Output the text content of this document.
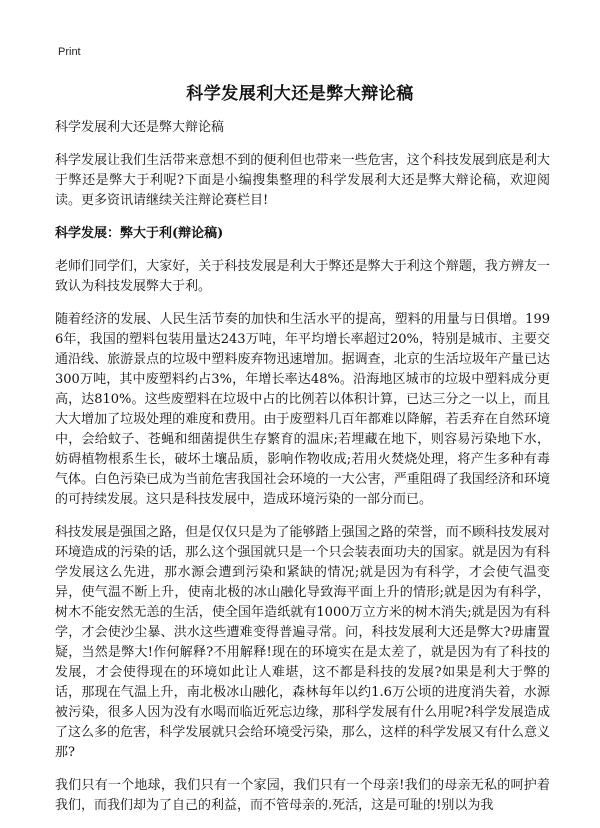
Print
科学发展利大还是弊大辩论稿

科学发展利大还是弊大辩论稿

科学发展让我们生活带来意想不到的便利但也带来一些危害，这个科技发展到底是利大于弊还是弊大于利呢?下面是小编搜集整理的科学发展利大还是弊大辩论稿，欢迎阅读。更多资讯请继续关注辩论赛栏目!

科学发展：弊大于利(辩论稿)

老师们同学们，大家好，关于科技发展是利大于弊还是弊大于利这个辩题，我方辨友一致认为科技发展弊大于利。

随着经济的发展、人民生活节奏的加快和生活水平的提高，塑料的用量与日俱增。1996年，我国的塑料包装用量达243万吨，年平均增长率超过20%，特别是城市、主要交通沿线、旅游景点的垃圾中塑料废弃物迅速增加。据调查，北京的生活垃圾年产量已达300万吨，其中废塑料约占3%，年增长率达48%。沿海地区城市的垃圾中塑料成分更高，达810%。这些废塑料在垃圾中占的比例若以体积计算，已达三分之一以上，而且大大增加了垃圾处理的难度和费用。由于废塑料几百年都难以降解，若丢弃在自然环境中，会给蚊子、苍蝇和细菌提供生存繁育的温床;若埋藏在地下，则容易污染地下水，妨碍植物根系生长，破坏土壤品质，影响作物收成;若用火焚烧处理，将产生多种有毒气体。白色污染已成为当前危害我国社会环境的一大公害，严重阻碍了我国经济和环境的可持续发展。这只是科技发展中，造成环境污染的一部分而已。

科技发展是强国之路，但是仅仅只是为了能够踏上强国之路的荣誉，而不顾科技发展对环境造成的污染的话，那么这个强国就只是一个只会装表面功夫的国家。就是因为有科学发展这么先进，那水源会遭到污染和紧缺的情况;就是因为有科学，才会使气温变异，使气温不断上升，使南北极的冰山融化导致海平面上升的情形;就是因为有科学，树木不能安然无恙的生活，使全国年造纸就有1000万立方米的树木消失;就是因为有科学，才会使沙尘暴、洪水这些遭难变得普遍寻常。问，科技发展利大还是弊大?毋庸置疑，当然是弊大!作何解释?不用解释!现在的环境实在是太差了，就是因为有了科技的发展，才会使得现在的环境如此让人难堪，这不都是科技的发展?如果是利大于弊的话，那现在气温上升，南北极冰山融化，森林每年以约1.6万公顷的进度消失着，水源被污染，很多人因为没有水喝而临近死忘边缘，那科学发展有什么用呢?科学发展造成了这么多的危害，科学发展就只会给环境受污染，那么，这样的科学发展又有什么意义那?

我们只有一个地球，我们只有一个家园，我们只有一个母亲!我们的母亲无私的呵护着我们，而我们却为了自己的利益，而不管母亲的.死活，这是可耻的!别以为我
